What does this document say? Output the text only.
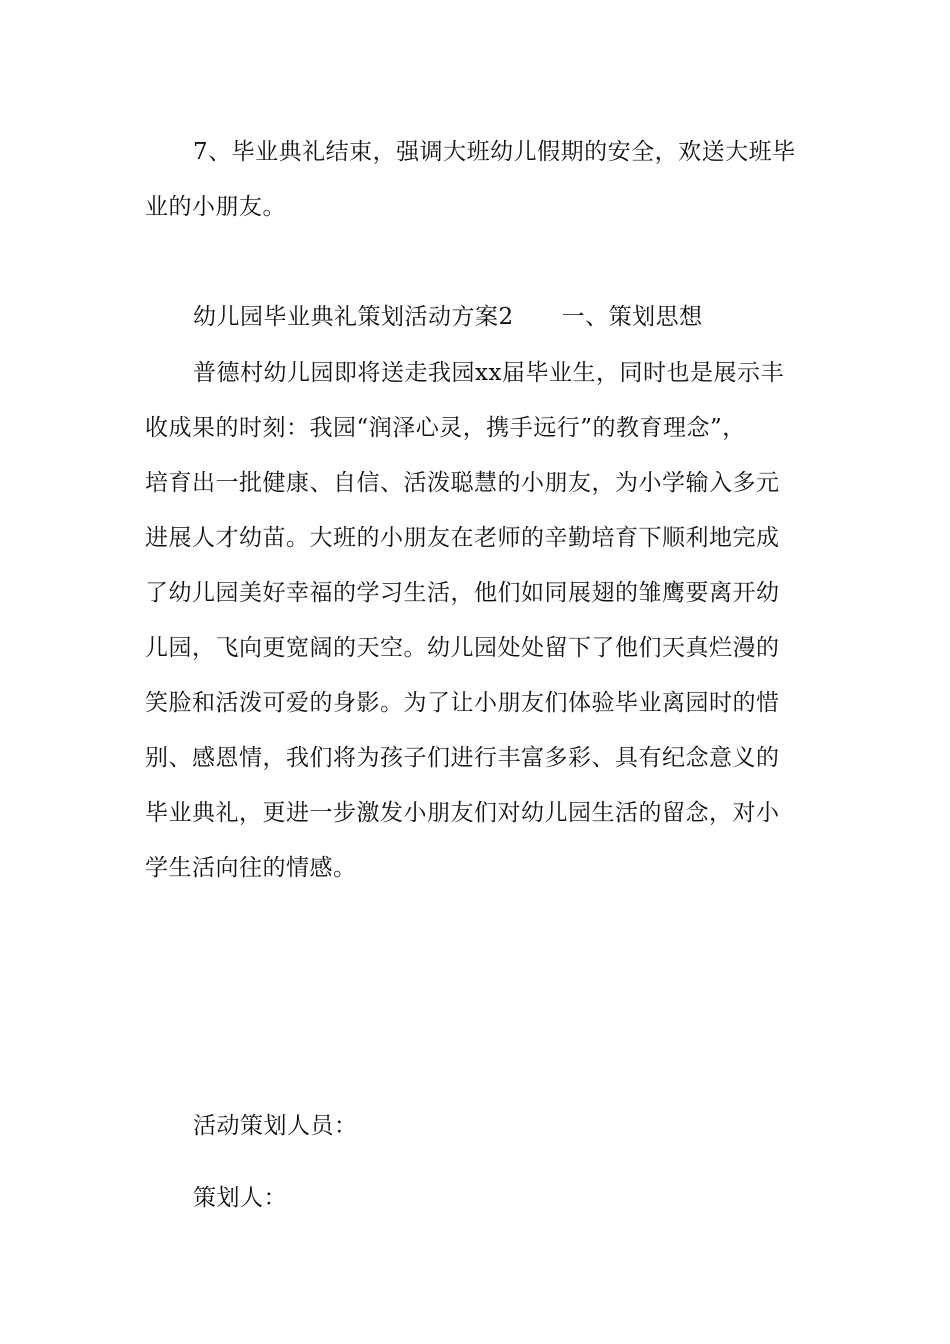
7、毕业典礼结束，强调大班幼儿假期的安全，欢送大班毕
业的小朋友。
幼儿园毕业典礼策划活动方案2 一、策划思想
普德村幼儿园即将送走我园xx届毕业生，同时也是展示丰
收成果的时刻：我园“润泽心灵，携手远行”的教育理念”，
培育出一批健康、自信、活泼聪慧的小朋友，为小学输入多元
进展人才幼苗。大班的小朋友在老师的辛勤培育下顺利地完成
了幼儿园美好幸福的学习生活，他们如同展翅的雏鹰要离开幼
儿园，飞向更宽阔的天空。幼儿园处处留下了他们天真烂漫的
笑脸和活泼可爱的身影。为了让小朋友们体验毕业离园时的惜
别、感恩情，我们将为孩子们进行丰富多彩、具有纪念意义的
毕业典礼，更进一步激发小朋友们对幼儿园生活的留念，对小
学生活向往的情感。
活动策划人员：
策划人：
